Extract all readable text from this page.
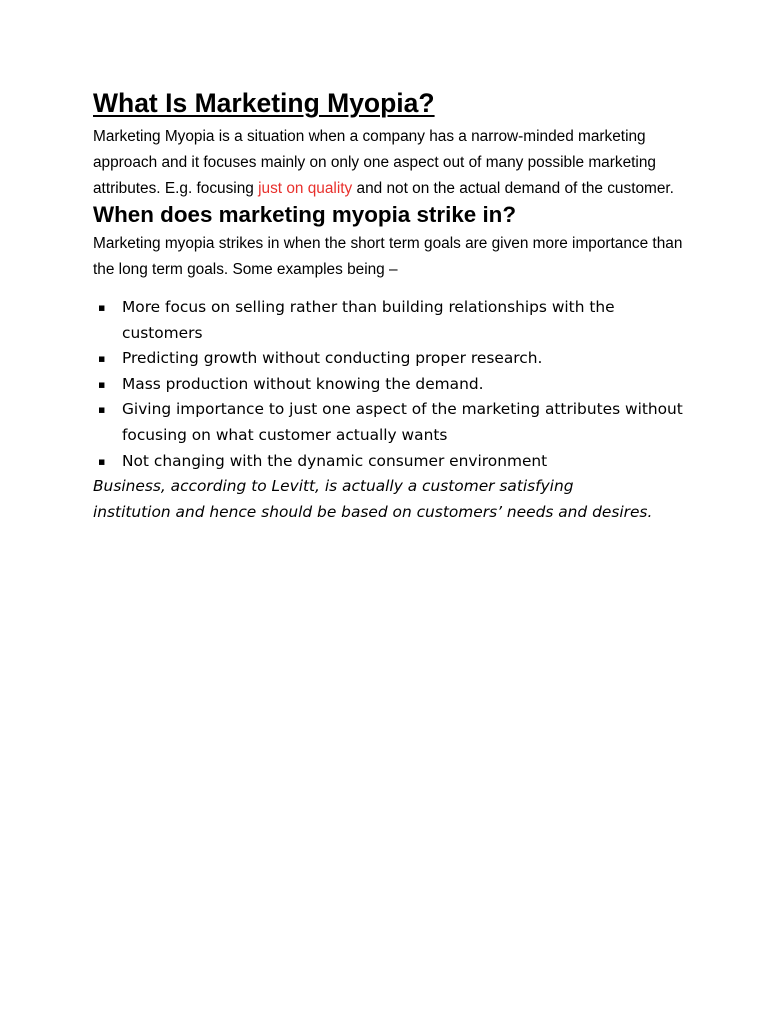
What Is Marketing Myopia?

Marketing Myopia is a situation when a company has a narrow-minded marketing approach and it focuses mainly on only one aspect out of many possible marketing attributes. E.g. focusing just on quality and not on the actual demand of the customer.

When does marketing myopia strike in?

Marketing myopia strikes in when the short term goals are given more importance than the long term goals. Some examples being –

▪ More focus on selling rather than building relationships with the customers
▪ Predicting growth without conducting proper research.
▪ Mass production without knowing the demand.
▪ Giving importance to just one aspect of the marketing attributes without focusing on what customer actually wants
▪ Not changing with the dynamic consumer environment

Business, according to Levitt, is actually a customer satisfying institution and hence should be based on customers’ needs and desires.
